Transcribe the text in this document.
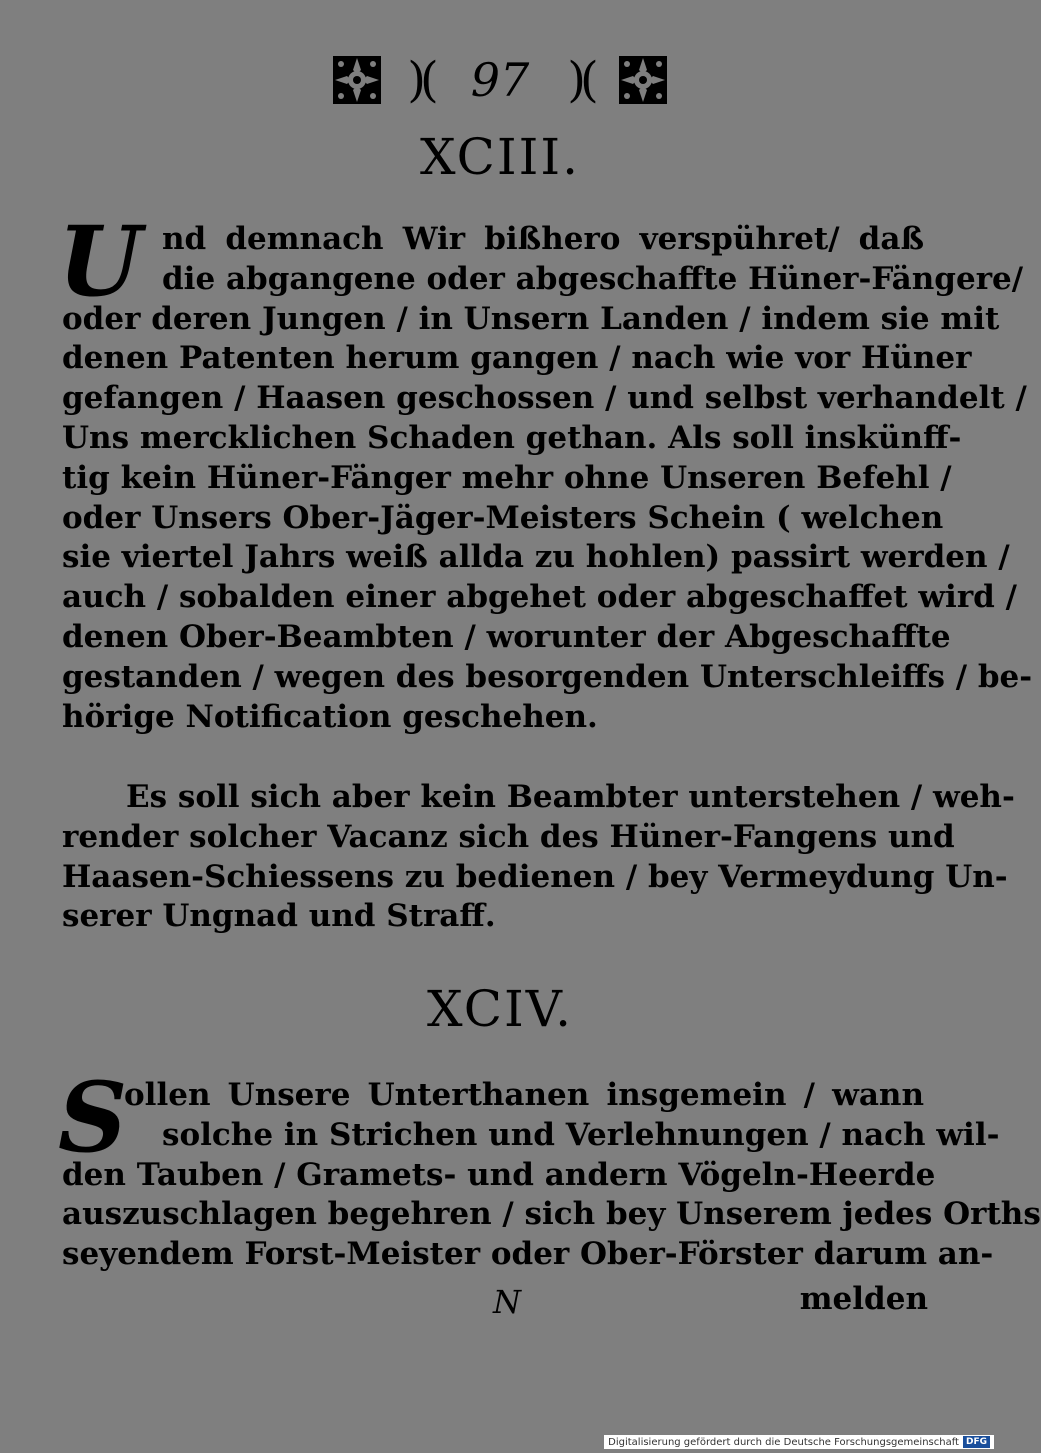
)( 97 )(
XCIII.
U nd demnach Wir bißhero verspühret/ daß
die abgangene oder abgeschaffte Hüner-Fängere/
oder deren Jungen / in Unsern Landen / indem sie mit
denen Patenten herum gangen / nach wie vor Hüner
gefangen / Haasen geschossen / und selbst verhandelt /
Uns mercklichen Schaden gethan. Als soll inskünff-
tig kein Hüner-Fänger mehr ohne Unseren Befehl /
oder Unsers Ober-Jäger-Meisters Schein ( welchen
sie viertel Jahrs weiß allda zu hohlen) passirt werden /
auch / sobalden einer abgehet oder abgeschaffet wird /
denen Ober-Beambten / worunter der Abgeschaffte
gestanden / wegen des besorgenden Unterschleiffs / be-
hörige Notification geschehen.
Es soll sich aber kein Beambter unterstehen / weh-
render solcher Vacanz sich des Hüner-Fangens und
Haasen-Schiessens zu bedienen / bey Vermeydung Un-
serer Ungnad und Straff.
XCIV.
S
ollen Unsere Unterthanen insgemein / wann
solche in Strichen und Verlehnungen / nach wil-
den Tauben / Gramets- und andern Vögeln-Heerde
auszuschlagen begehren / sich bey Unserem jedes Orths
seyendem Forst-Meister oder Ober-Förster darum an-
N	melden
Digitalisierung gefördert durch die Deutsche Forschungsgemeinschaft DFG
